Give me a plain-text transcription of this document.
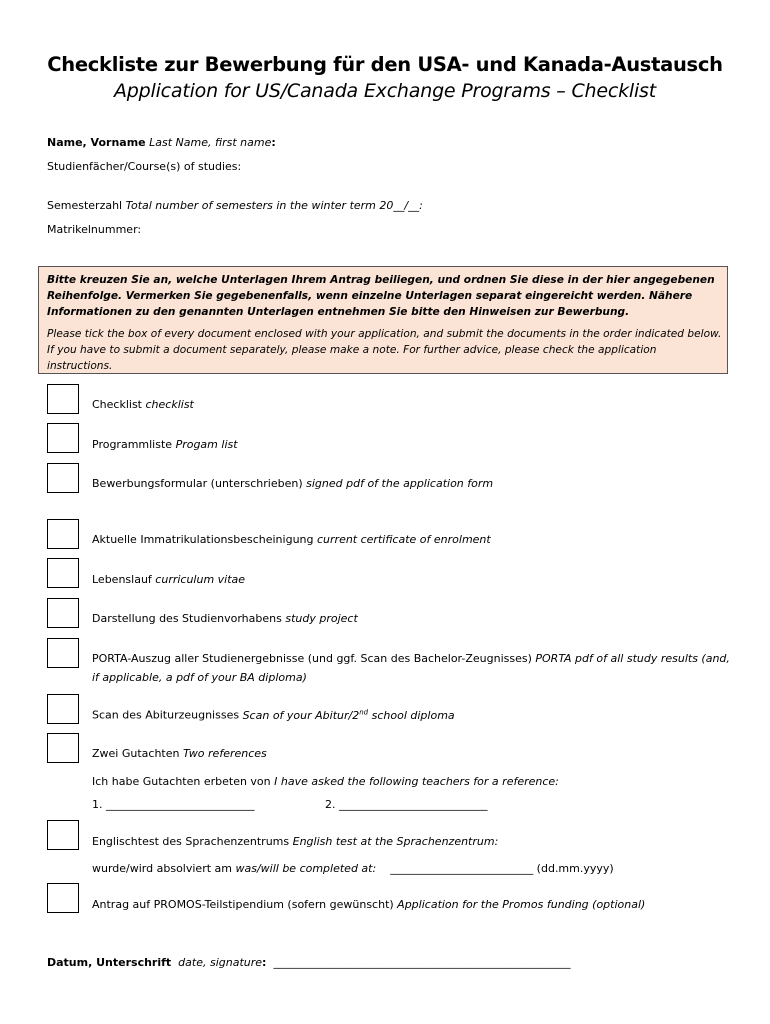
Checkliste zur Bewerbung für den USA- und Kanada-Austausch
Application for US/Canada Exchange Programs – Checklist
Name, Vorname Last Name, first name:
Studienfächer/Course(s) of studies:
Semesterzahl Total number of semesters in the winter term 20__/__:
Matrikelnummer:
Bitte kreuzen Sie an, welche Unterlagen Ihrem Antrag beiliegen, und ordnen Sie diese in der hier angegebenen Reihenfolge. Vermerken Sie gegebenenfalls, wenn einzelne Unterlagen separat eingereicht werden. Nähere Informationen zu den genannten Unterlagen entnehmen Sie bitte den Hinweisen zur Bewerbung.
Please tick the box of every document enclosed with your application, and submit the documents in the order indicated below. If you have to submit a document separately, please make a note. For further advice, please check the application instructions.
Checklist checklist
Programmliste Progam list
Bewerbungsformular (unterschrieben) signed pdf of the application form
Aktuelle Immatrikulationsbescheinigung current certificate of enrolment
Lebenslauf curriculum vitae
Darstellung des Studienvorhabens study project
PORTA-Auszug aller Studienergebnisse (und ggf. Scan des Bachelor-Zeugnisses) PORTA pdf of all study results (and, if applicable, a pdf of your BA diploma)
Scan des Abiturzeugnisses Scan of your Abitur/2nd school diploma
Zwei Gutachten Two references
Ich habe Gutachten erbeten von I have asked the following teachers for a reference:
1. ___________________________	2. ___________________________
Englischtest des Sprachenzentrums English test at the Sprachenzentrum:
wurde/wird absolviert am was/will be completed at: __________________________ (dd.mm.yyyy)
Antrag auf PROMOS-Teilstipendium (sofern gewünscht) Application for the Promos funding (optional)
Datum, Unterschrift date, signature: ______________________________________________________
